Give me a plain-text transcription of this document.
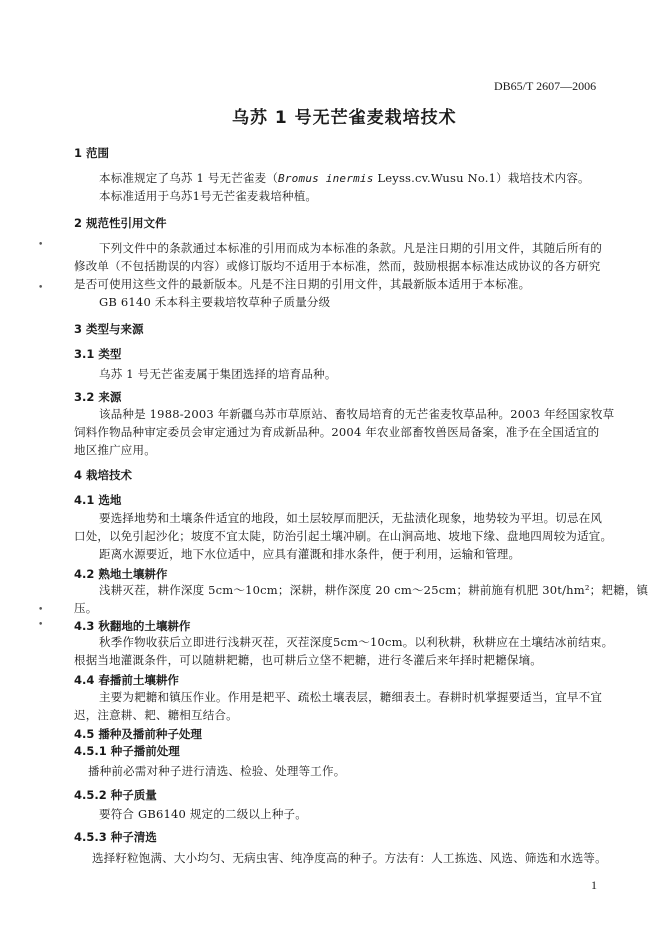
DB65/T 2607—2006
乌苏 1 号无芒雀麦栽培技术
1 范围
本标准规定了乌苏 1 号无芒雀麦（Bromus inermis Leyss.cv.Wusu No.1）栽培技术内容。
本标准适用于乌苏1号无芒雀麦栽培种植。
2 规范性引用文件
下列文件中的条款通过本标准的引用而成为本标准的条款。凡是注日期的引用文件，其随后所有的
修改单（不包括勘误的内容）或修订版均不适用于本标准，然而，鼓励根据本标准达成协议的各方研究
是否可使用这些文件的最新版本。凡是不注日期的引用文件，其最新版本适用于本标准。
GB 6140 禾本科主要栽培牧草种子质量分级
3 类型与来源
3.1 类型
乌苏 1 号无芒雀麦属于集团选择的培育品种。
3.2 来源
该品种是 1988-2003 年新疆乌苏市草原站、畜牧局培育的无芒雀麦牧草品种。2003 年经国家牧草
饲料作物品种审定委员会审定通过为育成新品种。2004 年农业部畜牧兽医局备案，准予在全国适宜的
地区推广应用。
4 栽培技术
4.1 选地
要选择地势和土壤条件适宜的地段，如土层较厚而肥沃，无盐渍化现象，地势较为平坦。切忌在风
口处，以免引起沙化；坡度不宜太陡，防治引起土壤冲刷。在山涧高地、坡地下缘、盘地四周较为适宜。
距离水源要近，地下水位适中，应具有灌溉和排水条件，便于利用，运输和管理。
4.2 熟地土壤耕作
浅耕灭茬，耕作深度 5cm～10cm；深耕，耕作深度 20 cm～25cm；耕前施有机肥 30t/hm²；耙耱，镇
压。
4.3 秋翻地的土壤耕作
秋季作物收获后立即进行浅耕灭茬，灭茬深度5cm～10cm。以利秋耕，秋耕应在土壤结冰前结束。
根据当地灌溉条件，可以随耕耙耱，也可耕后立垡不耙耱，进行冬灌后来年择时耙耱保墒。
4.4 春播前土壤耕作
主要为耙耱和镇压作业。作用是耙平、疏松土壤表层，耱细表土。春耕时机掌握要适当，宜早不宜
迟，注意耕、耙、耱相互结合。
4.5 播种及播前种子处理
4.5.1 种子播前处理
播种前必需对种子进行清选、检验、处理等工作。
4.5.2 种子质量
要符合 GB6140 规定的二级以上种子。
4.5.3 种子清选
选择籽粒饱满、大小均匀、无病虫害、纯净度高的种子。方法有：人工拣选、风选、筛选和水选等。
•
•
•
•
1
